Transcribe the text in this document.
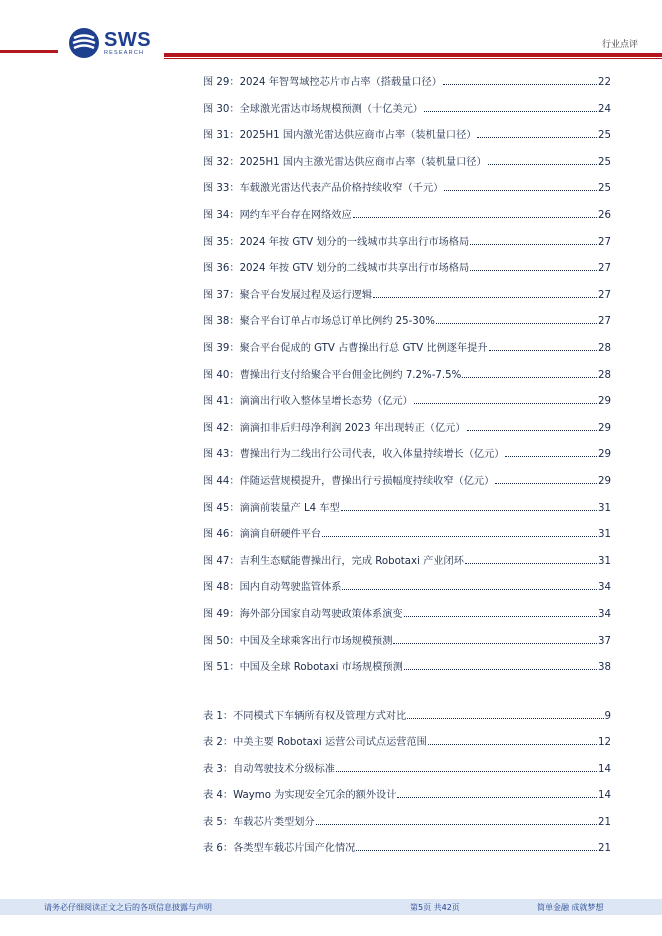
SWS
RESEARCH
行业点评
图 29：2024 年智驾域控芯片市占率（搭载量口径）	22
图 30：全球激光雷达市场规模预测（十亿美元）	24
图 31：2025H1 国内激光雷达供应商市占率（装机量口径）	25
图 32：2025H1 国内主激光雷达供应商市占率（装机量口径）	25
图 33：车载激光雷达代表产品价格持续收窄（千元）	25
图 34：网约车平台存在网络效应	26
图 35：2024 年按 GTV 划分的一线城市共享出行市场格局	27
图 36：2024 年按 GTV 划分的二线城市共享出行市场格局	27
图 37：聚合平台发展过程及运行逻辑	27
图 38：聚合平台订单占市场总订单比例约 25-30%	27
图 39：聚合平台促成的 GTV 占曹操出行总 GTV 比例逐年提升	28
图 40：曹操出行支付给聚合平台佣金比例约 7.2%-7.5%	28
图 41：滴滴出行收入整体呈增长态势（亿元）	29
图 42：滴滴扣非后归母净利润 2023 年出现转正（亿元）	29
图 43：曹操出行为二线出行公司代表，收入体量持续增长（亿元）	29
图 44：伴随运营规模提升，曹操出行亏损幅度持续收窄（亿元）	29
图 45：滴滴前装量产 L4 车型	31
图 46：滴滴自研硬件平台	31
图 47：吉利生态赋能曹操出行，完成 Robotaxi 产业闭环	31
图 48：国内自动驾驶监管体系	34
图 49：海外部分国家自动驾驶政策体系演变	34
图 50：中国及全球乘客出行市场规模预测	37
图 51：中国及全球 Robotaxi 市场规模预测	38
表 1：不同模式下车辆所有权及管理方式对比	9
表 2：中美主要 Robotaxi 运营公司试点运营范围	12
表 3：自动驾驶技术分级标准	14
表 4：Waymo 为实现安全冗余的额外设计	14
表 5：车载芯片类型划分	21
表 6：各类型车载芯片国产化情况	21
请务必仔细阅读正文之后的各项信息披露与声明	第5页 共42页	简单金融 成就梦想
